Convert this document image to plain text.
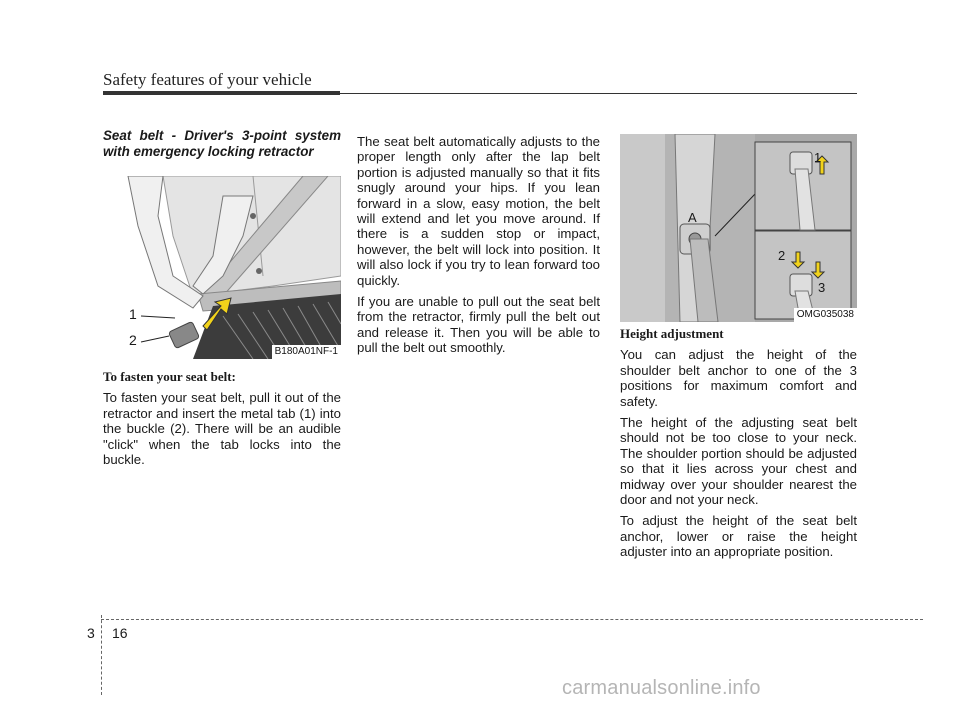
Safety features of your vehicle
Seat belt - Driver's 3-point system with emergency locking retractor
1
2
B180A01NF-1

To fasten your seat belt:

To fasten your seat belt, pull it out of the retractor and insert the metal tab (1) into the buckle (2). There will be an audible "click" when the tab locks into the buckle.

The seat belt automatically adjusts to the proper length only after the lap belt portion is adjusted manually so that it fits snugly around your hips. If you lean forward in a slow, easy motion, the belt will extend and let you move around. If there is a sudden stop or impact, however, the belt will lock into position. It will also lock if you try to lean forward too quickly.

If you are unable to pull out the seat belt from the retractor, firmly pull the belt out and release it. Then you will be able to pull the belt out smoothly.

A
1
2
3
OMG035038

Height adjustment

You can adjust the height of the shoulder belt anchor to one of the 3 positions for maximum comfort and safety.

The height of the adjusting seat belt should not be too close to your neck. The shoulder portion should be adjusted so that it lies across your chest and midway over your shoulder nearest the door and not your neck.

To adjust the height of the seat belt anchor, lower or raise the height adjuster into an appropriate position.

3 16
carmanualsonline.info
